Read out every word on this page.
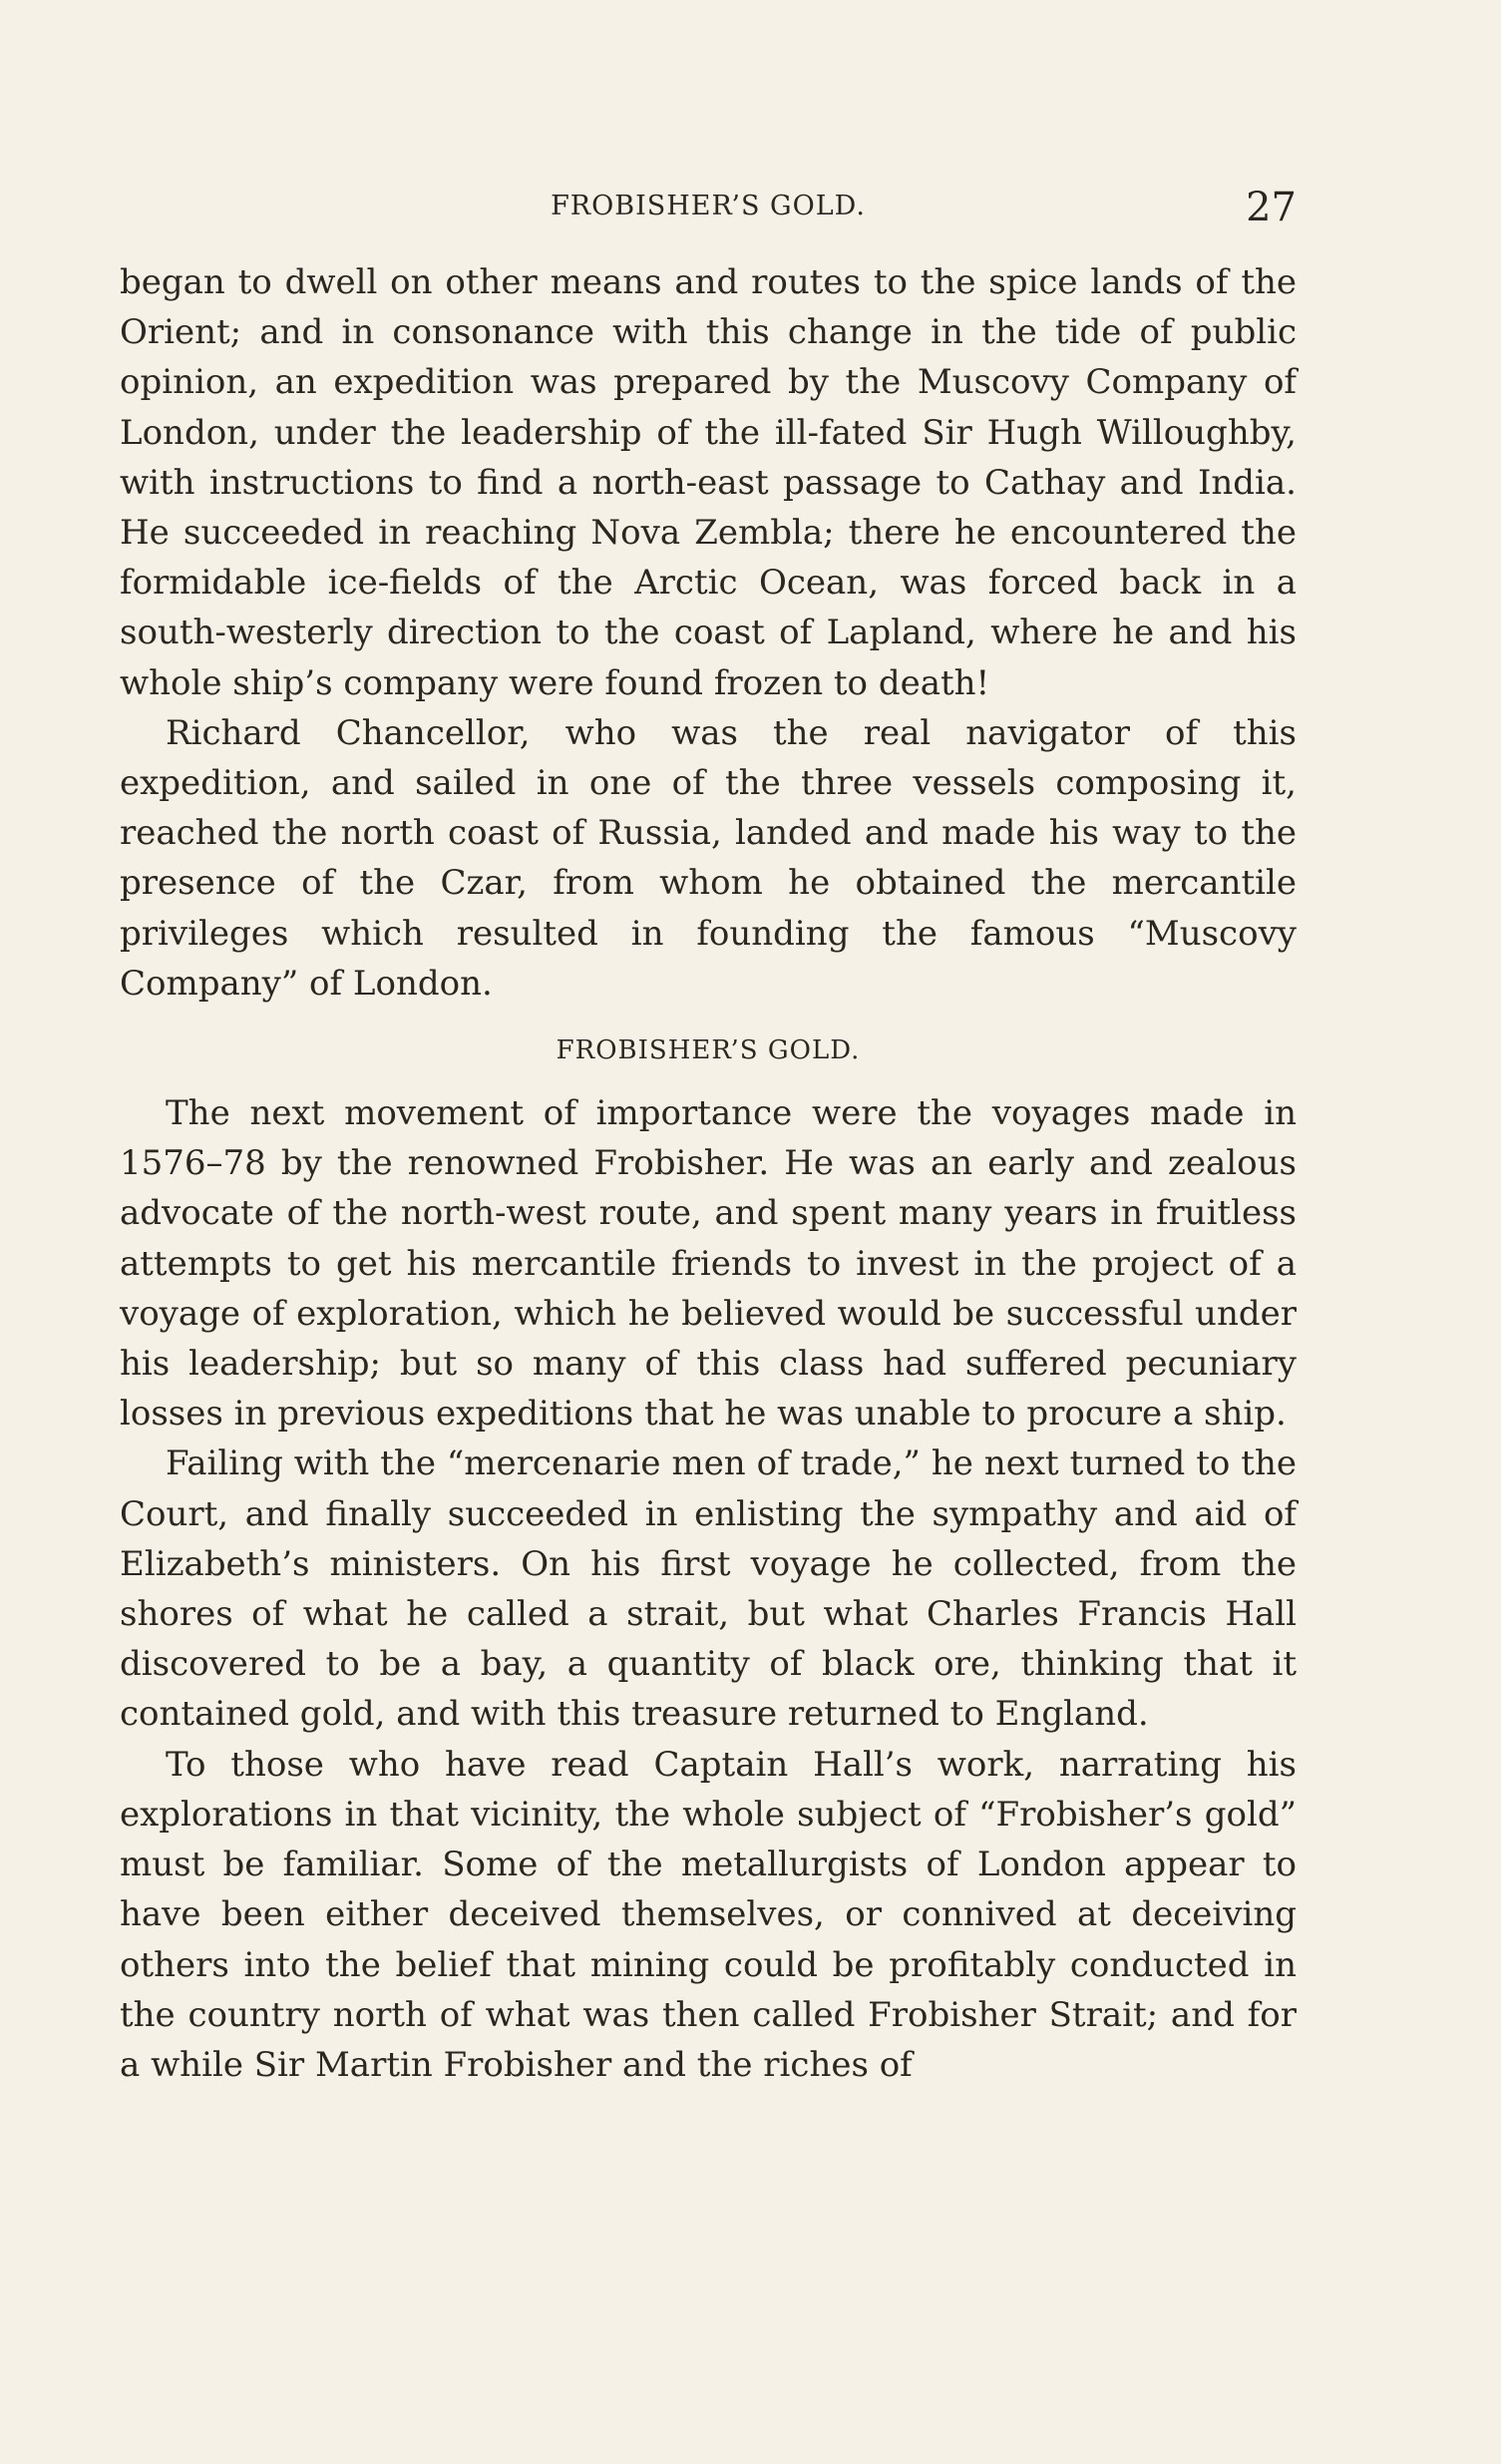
FROBISHER’S GOLD.	27

began to dwell on other means and routes to the spice lands of the Orient; and in consonance with this change in the tide of public opinion, an expedition was prepared by the Muscovy Company of London, under the leadership of the ill-fated Sir Hugh Willoughby, with instructions to find a north-east passage to Cathay and India. He succeeded in reaching Nova Zembla; there he encountered the formidable ice-fields of the Arctic Ocean, was forced back in a south-westerly direction to the coast of Lapland, where he and his whole ship’s company were found frozen to death!

Richard Chancellor, who was the real navigator of this expedition, and sailed in one of the three vessels composing it, reached the north coast of Russia, landed and made his way to the presence of the Czar, from whom he obtained the mercantile privileges which resulted in founding the famous “Muscovy Company” of London.

FROBISHER’S GOLD.

The next movement of importance were the voyages made in 1576–78 by the renowned Frobisher. He was an early and zealous advocate of the north-west route, and spent many years in fruitless attempts to get his mercantile friends to invest in the project of a voyage of exploration, which he believed would be successful under his leadership; but so many of this class had suffered pecuniary losses in previous expeditions that he was unable to procure a ship.

Failing with the “mercenarie men of trade,” he next turned to the Court, and finally succeeded in enlisting the sympathy and aid of Elizabeth’s ministers. On his first voyage he collected, from the shores of what he called a strait, but what Charles Francis Hall discovered to be a bay, a quantity of black ore, thinking that it contained gold, and with this treasure returned to England.

To those who have read Captain Hall’s work, narrating his explorations in that vicinity, the whole subject of “Frobisher’s gold” must be familiar. Some of the metallurgists of London appear to have been either deceived themselves, or connived at deceiving others into the belief that mining could be profitably conducted in the country north of what was then called Frobisher Strait; and for a while Sir Martin Frobisher and the riches of
